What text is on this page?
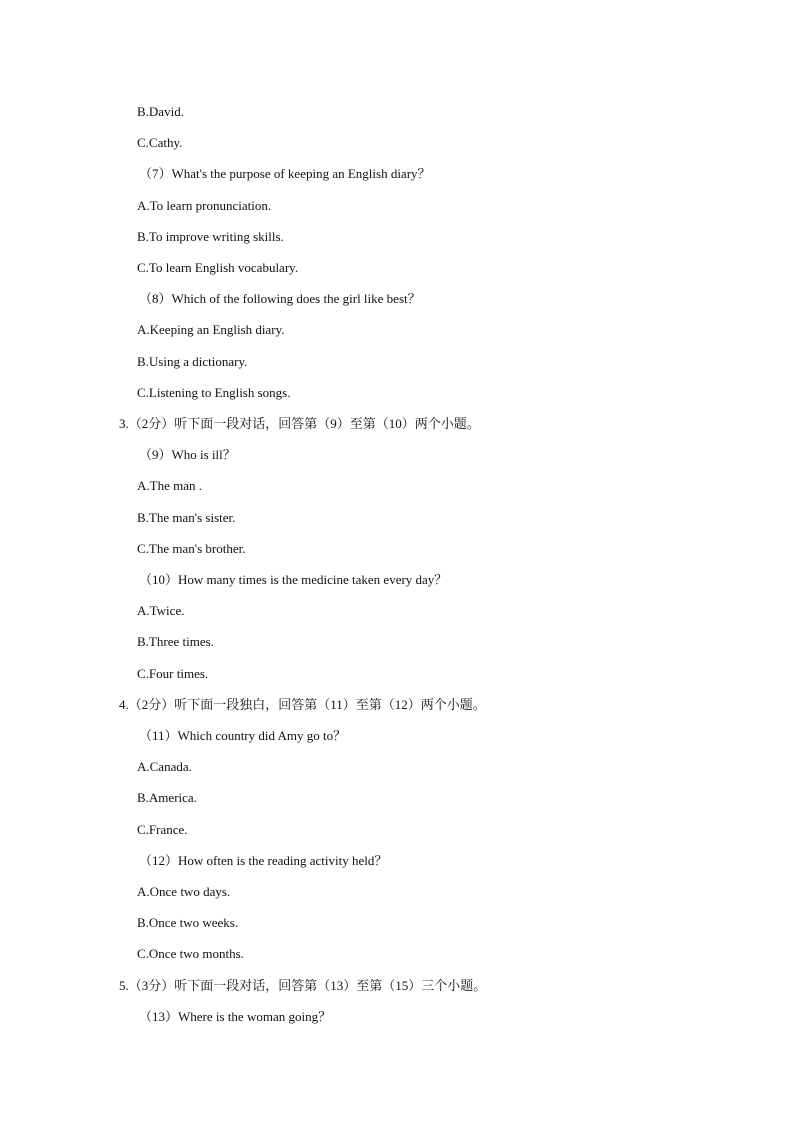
B.David.
C.Cathy.
（7）What's the purpose of keeping an English diary？
A.To learn pronunciation.
B.To improve writing skills.
C.To learn English vocabulary.
（8）Which of the following does the girl like best？
A.Keeping an English diary.
B.Using a dictionary.
C.Listening to English songs.
3.（2分）听下面一段对话，回答第（9）至第（10）两个小题。
（9）Who is ill？
A.The man .
B.The man's sister.
C.The man's brother.
（10）How many times is the medicine taken every day？
A.Twice.
B.Three times.
C.Four times.
4.（2分）听下面一段独白，回答第（11）至第（12）两个小题。
（11）Which country did Amy go to？
A.Canada.
B.America.
C.France.
（12）How often is the reading activity held？
A.Once two days.
B.Once two weeks.
C.Once two months.
5.（3分）听下面一段对话，回答第（13）至第（15）三个小题。
（13）Where is the woman going？
